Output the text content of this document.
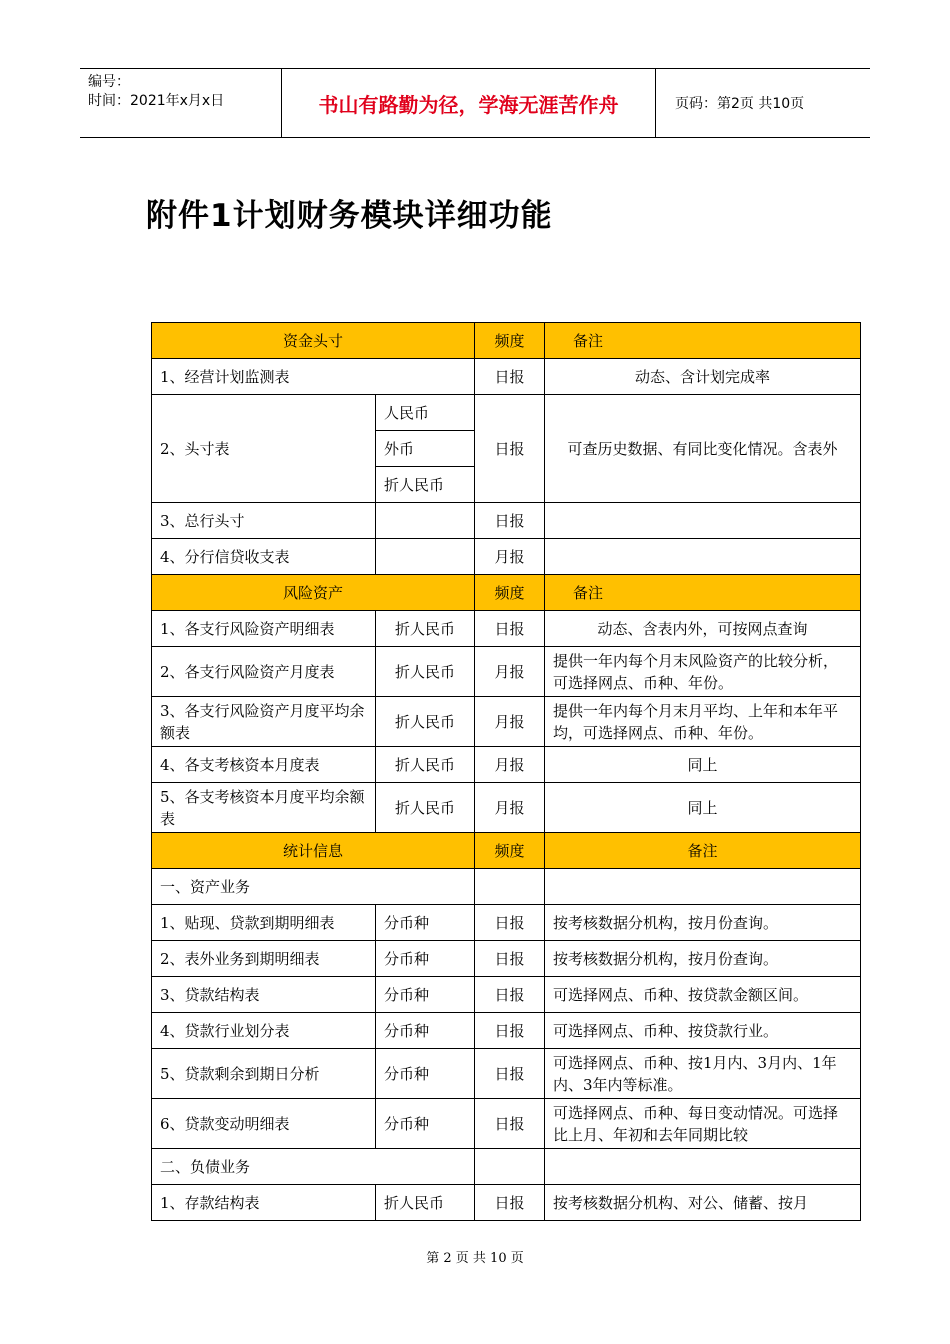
编号：
时间：2021年x月x日	书山有路勤为径，学海无涯苦作舟	页码：第2页 共10页
附件1计划财务模块详细功能
资金头寸		频度	备注
1、经营计划监测表		日报	动态、含计划完成率
2、头寸表	人民币	日报	可查历史数据、有同比变化情况。含表外
	外币		
	折人民币		
3、总行头寸		日报	
4、分行信贷收支表		月报	
风险资产		频度	备注
1、各支行风险资产明细表	折人民币	日报	动态、含表内外，可按网点查询
2、各支行风险资产月度表	折人民币	月报	提供一年内每个月末风险资产的比较分析，可选择网点、币种、年份。
3、各支行风险资产月度平均余额表	折人民币	月报	提供一年内每个月末月平均、上年和本年平均，可选择网点、币种、年份。
4、各支考核资本月度表	折人民币	月报	同上
5、各支考核资本月度平均余额表	折人民币	月报	同上
统计信息		频度	备注
一、资产业务			
1、贴现、贷款到期明细表	分币种	日报	按考核数据分机构，按月份查询。
2、表外业务到期明细表	分币种	日报	按考核数据分机构，按月份查询。
3、贷款结构表	分币种	日报	可选择网点、币种、按贷款金额区间。
4、贷款行业划分表	分币种	日报	可选择网点、币种、按贷款行业。
5、贷款剩余到期日分析	分币种	日报	可选择网点、币种、按1月内、3月内、1年内、3年内等标准。
6、贷款变动明细表	分币种	日报	可选择网点、币种、每日变动情况。可选择比上月、年初和去年同期比较
二、负债业务			
1、存款结构表	折人民币	日报	按考核数据分机构、对公、储蓄、按月
第 2 页 共 10 页
